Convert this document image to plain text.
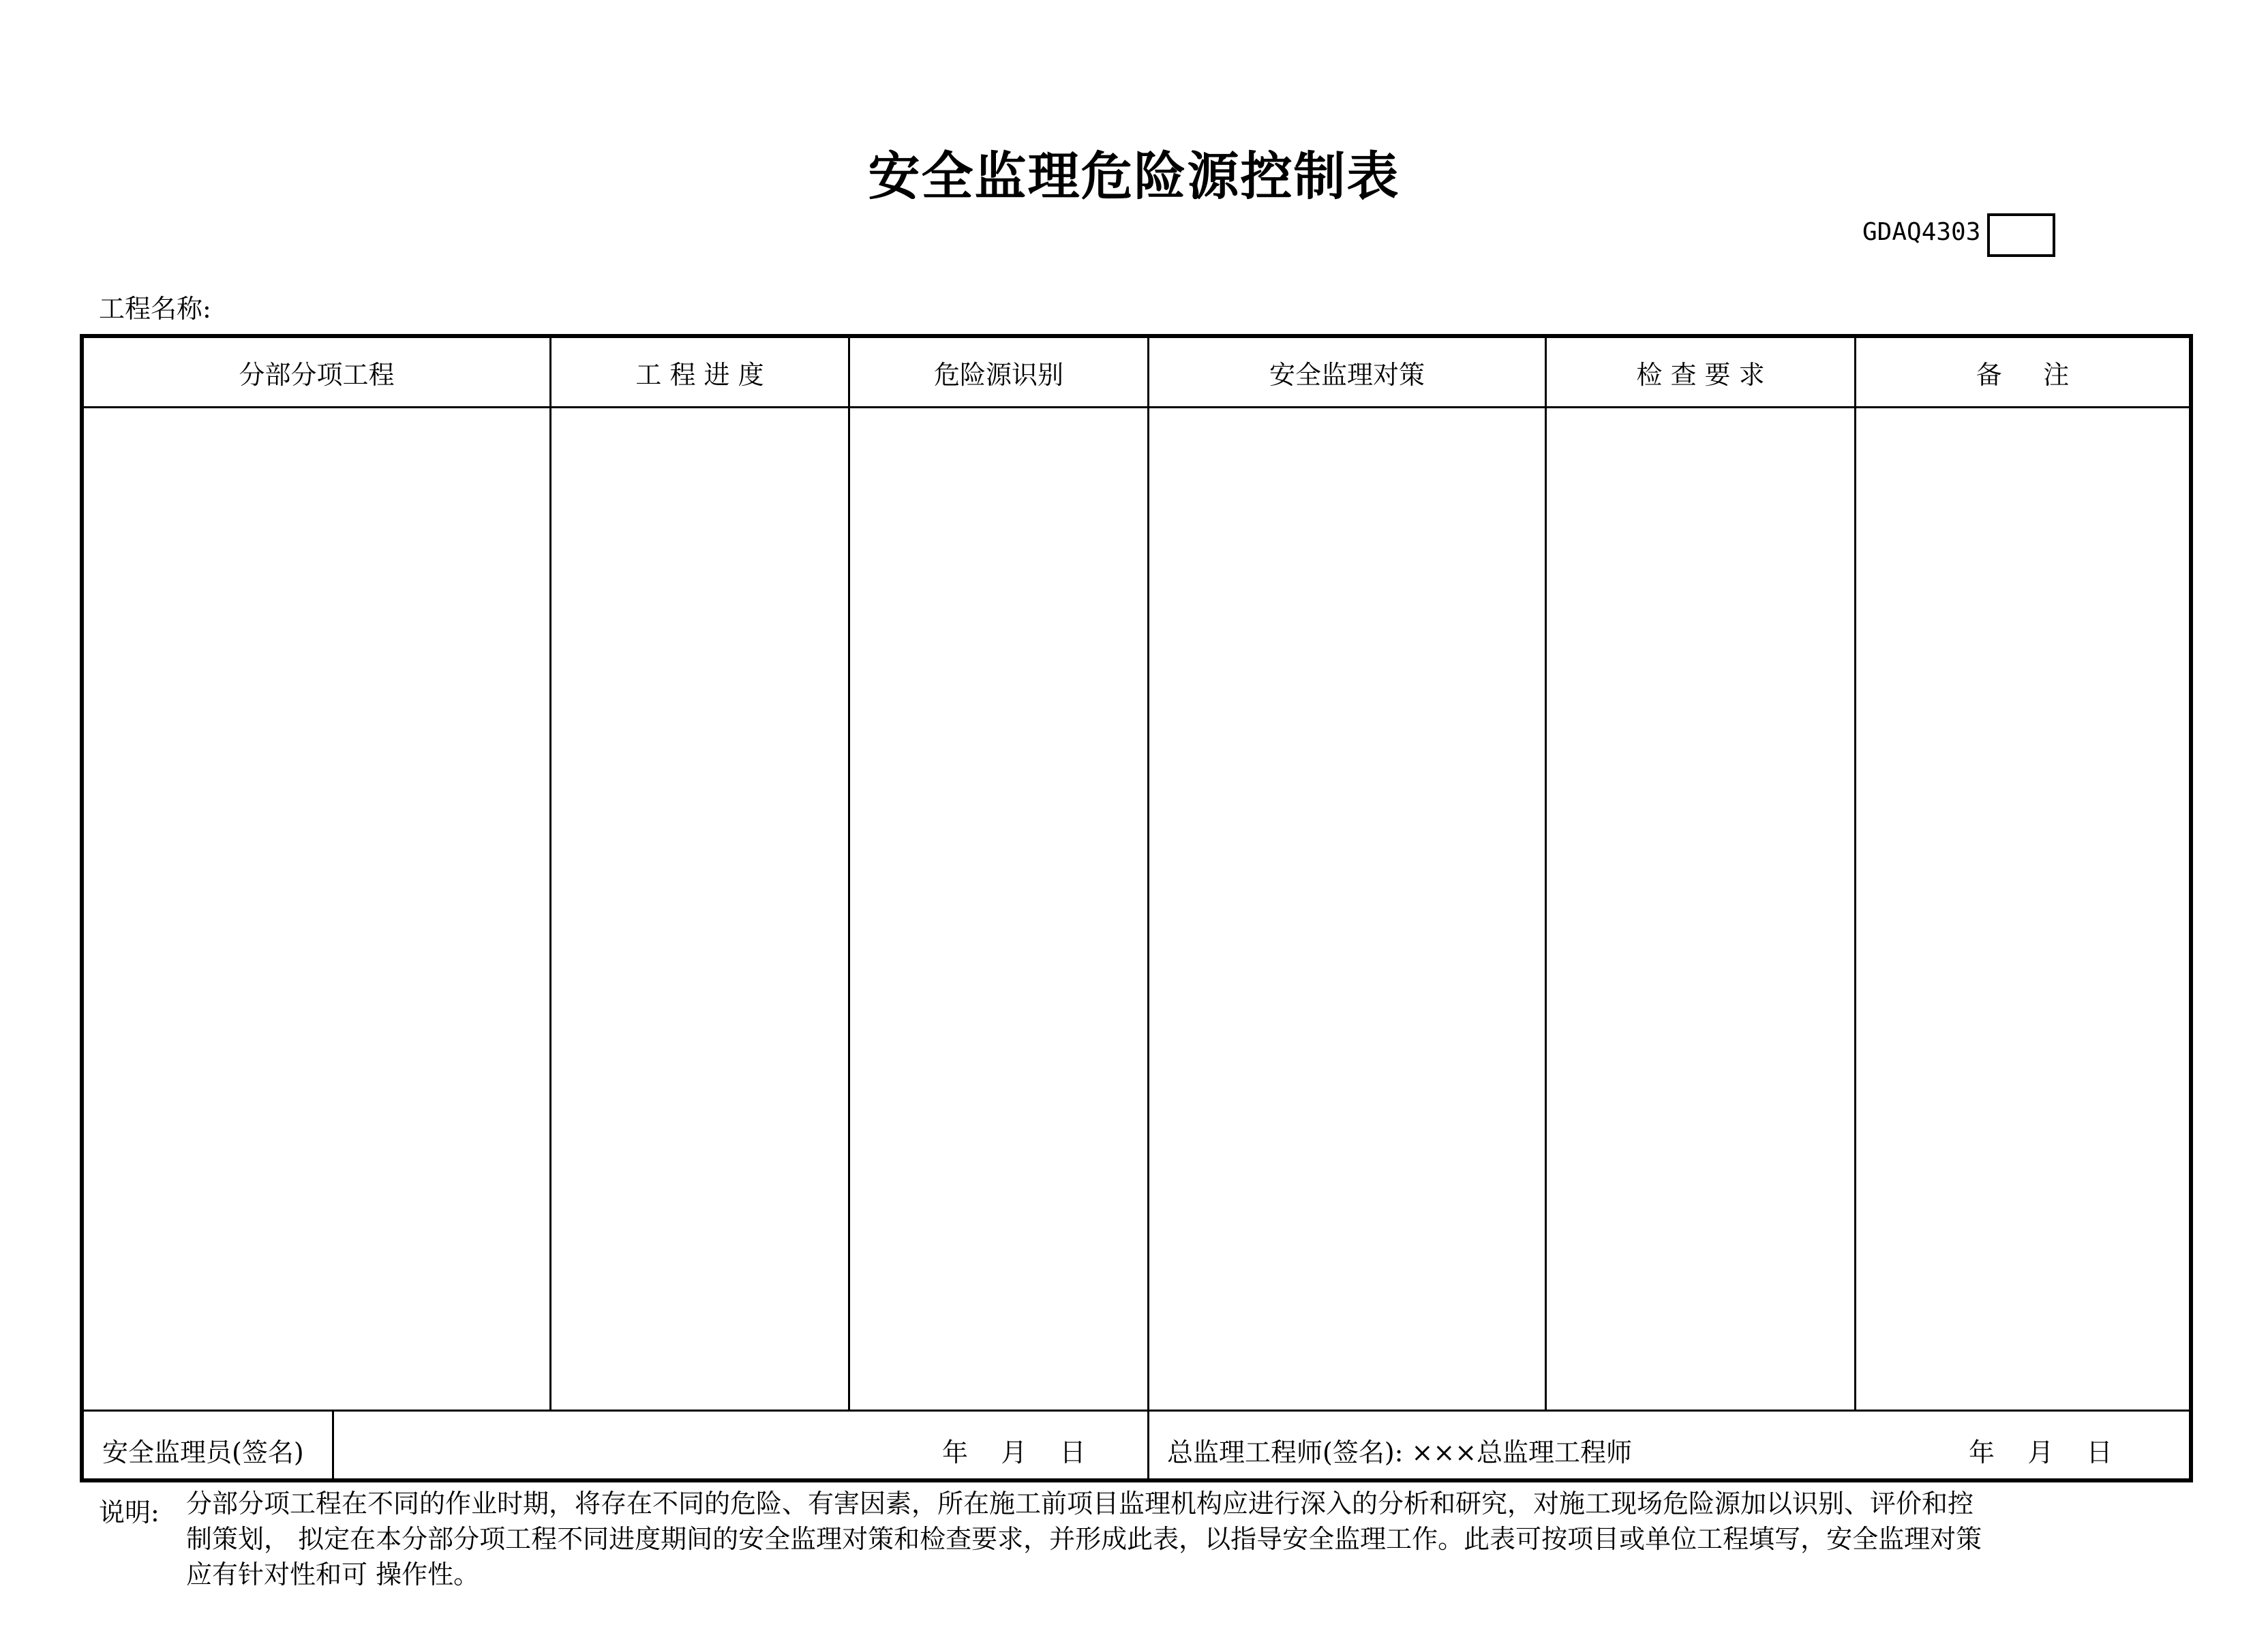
安全监理危险源控制表
GDAQ4303
工程名称:
分部分项工程	工 程 进 度	危险源识别	安全监理对策	检 查 要 求	备     注
安全监理员(签名)	年    月    日	总监理工程师(签名): ×××总监理工程师	年    月    日
说明: 分部分项工程在不同的作业时期，将存在不同的危险、有害因素，所在施工前项目监理机构应进行深入的分析和研究，对施工现场危险源加以识别、评价和控
制策划， 拟定在本分部分项工程不同进度期间的安全监理对策和检查要求，并形成此表，以指导安全监理工作。此表可按项目或单位工程填写，安全监理对策
应有针对性和可 操作性。
